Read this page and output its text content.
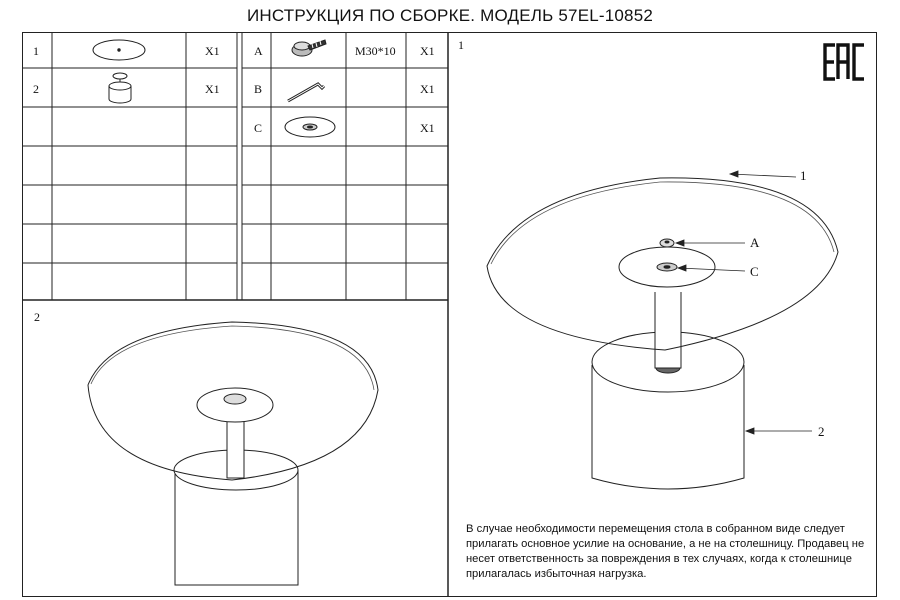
ИНСТРУКЦИЯ ПО СБОРКЕ. МОДЕЛЬ 57EL-10852
1	X1
2	X1
A	M30*10 X1
B	X1
C	X1
2
1
1
A
C
2
В случае необходимости перемещения стола в собранном виде следует прилагать основное усилие на основание, а не на столешницу. Продавец не несет ответственность за повреждения в тех случаях, когда к столешнице прилагалась избыточная нагрузка.
